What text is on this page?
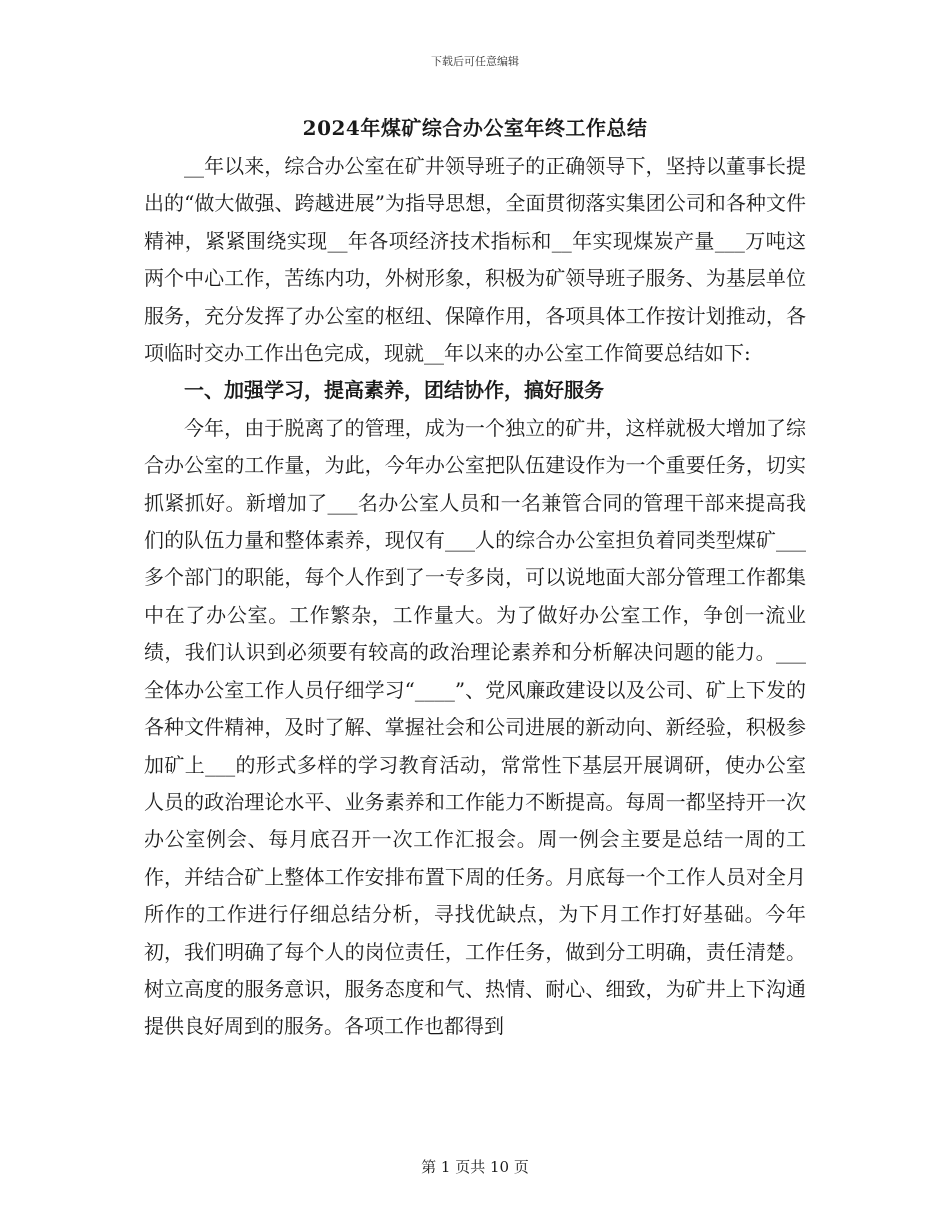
下载后可任意编辑
2024年煤矿综合办公室年终工作总结

__年以来，综合办公室在矿井领导班子的正确领导下，坚持以董事长提出的“做大做强、跨越进展”为指导思想，全面贯彻落实集团公司和各种文件精神，紧紧围绕实现__年各项经济技术指标和__年实现煤炭产量___万吨这两个中心工作，苦练内功，外树形象，积极为矿领导班子服务、为基层单位服务，充分发挥了办公室的枢纽、保障作用，各项具体工作按计划推动，各项临时交办工作出色完成，现就__年以来的办公室工作简要总结如下:

一、加强学习，提高素养，团结协作，搞好服务

今年，由于脱离了的管理，成为一个独立的矿井，这样就极大增加了综合办公室的工作量，为此，今年办公室把队伍建设作为一个重要任务，切实抓紧抓好。新增加了___名办公室人员和一名兼管合同的管理干部来提高我们的队伍力量和整体素养，现仅有___人的综合办公室担负着同类型煤矿___多个部门的职能，每个人作到了一专多岗，可以说地面大部分管理工作都集中在了办公室。工作繁杂，工作量大。为了做好办公室工作，争创一流业绩，我们认识到必须要有较高的政治理论素养和分析解决问题的能力。___全体办公室工作人员仔细学习“____”、党风廉政建设以及公司、矿上下发的各种文件精神，及时了解、掌握社会和公司进展的新动向、新经验，积极参加矿上___的形式多样的学习教育活动，常常性下基层开展调研，使办公室人员的政治理论水平、业务素养和工作能力不断提高。每周一都坚持开一次办公室例会、每月底召开一次工作汇报会。周一例会主要是总结一周的工作，并结合矿上整体工作安排布置下周的任务。月底每一个工作人员对全月所作的工作进行仔细总结分析，寻找优缺点，为下月工作打好基础。今年初，我们明确了每个人的岗位责任，工作任务，做到分工明确，责任清楚。树立高度的服务意识，服务态度和气、热情、耐心、细致，为矿井上下沟通提供良好周到的服务。各项工作也都得到

第 1 页共 10 页
